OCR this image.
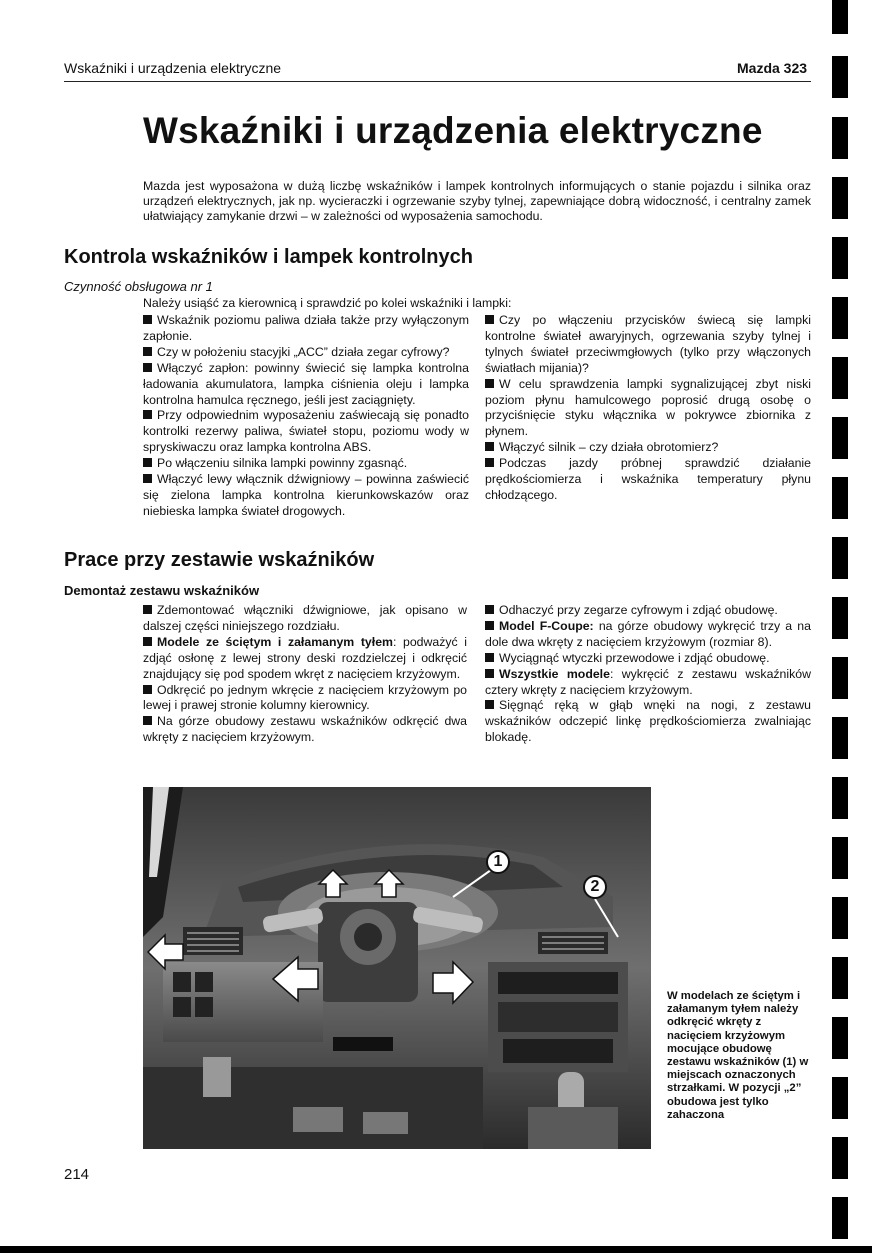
Wskaźniki i urządzenia elektryczne	Mazda 323
Wskaźniki i urządzenia elektryczne

Mazda jest wyposażona w dużą liczbę wskaźników i lampek kontrolnych informujących o stanie pojazdu i silnika oraz urządzeń elektrycznych, jak np. wycieraczki i ogrzewanie szyby tylnej, zapewniające dobrą widoczność, i centralny zamek ułatwiający zamykanie drzwi – w zależności od wyposażenia samochodu.

Kontrola wskaźników i lampek kontrolnych
Czynność obsługowa nr 1
Należy usiąść za kierownicą i sprawdzić po kolei wskaźniki i lampki:

Wskaźnik poziomu paliwa działa także przy wyłączonym zapłonie.

Czy w położeniu stacyjki „ACC” działa zegar cyfrowy?

Włączyć zapłon: powinny świecić się lampka kontrolna ładowania akumulatora, lampka ciśnienia oleju i lampka kontrolna hamulca ręcznego, jeśli jest zaciągnięty.

Przy odpowiednim wyposażeniu zaświecają się ponadto kontrolki rezerwy paliwa, świateł stopu, poziomu wody w spryskiwaczu oraz lampka kontrolna ABS.

Po włączeniu silnika lampki powinny zgasnąć.

Włączyć lewy włącznik dźwigniowy – powinna zaświecić się zielona lampka kontrolna kierunkowskazów oraz niebieska lampka świateł drogowych.

Czy po włączeniu przycisków świecą się lampki kontrolne świateł awaryjnych, ogrzewania szyby tylnej i tylnych świateł przeciwmgłowych (tylko przy włączonych światłach mijania)?

W celu sprawdzenia lampki sygnalizującej zbyt niski poziom płynu hamulcowego poprosić drugą osobę o przyciśnięcie styku włącznika w pokrywce zbiornika z płynem.

Włączyć silnik – czy działa obrotomierz?

Podczas jazdy próbnej sprawdzić działanie prędkościomierza i wskaźnika temperatury płynu chłodzącego.

Prace przy zestawie wskaźników
Demontaż zestawu wskaźników

Zdemontować włączniki dźwigniowe, jak opisano w dalszej części niniejszego rozdziału.

Modele ze ściętym i załamanym tyłem: podważyć i zdjąć osłonę z lewej strony deski rozdzielczej i odkręcić znajdujący się pod spodem wkręt z nacięciem krzyżowym.

Odkręcić po jednym wkręcie z nacięciem krzyżowym po lewej i prawej stronie kolumny kierownicy.

Na górze obudowy zestawu wskaźników odkręcić dwa wkręty z nacięciem krzyżowym.

Odhaczyć przy zegarze cyfrowym i zdjąć obudowę.

Model F-Coupe: na górze obudowy wykręcić trzy a na dole dwa wkręty z nacięciem krzyżowym (rozmiar 8).

Wyciągnąć wtyczki przewodowe i zdjąć obudowę.

Wszystkie modele: wykręcić z zestawu wskaźników cztery wkręty z nacięciem krzyżowym.

Sięgnąć ręką w głąb wnęki na nogi, z zestawu wskaźników odczepić linkę prędkościomierza zwalniając blokadę.

1
2
W modelach ze ściętym i załamanym tyłem należy odkręcić wkręty z nacięciem krzyżowym mocujące obudowę zestawu wskaźników (1) w miejscach oznaczonych strzałkami. W pozycji „2” obudowa jest tylko zahaczona
214
